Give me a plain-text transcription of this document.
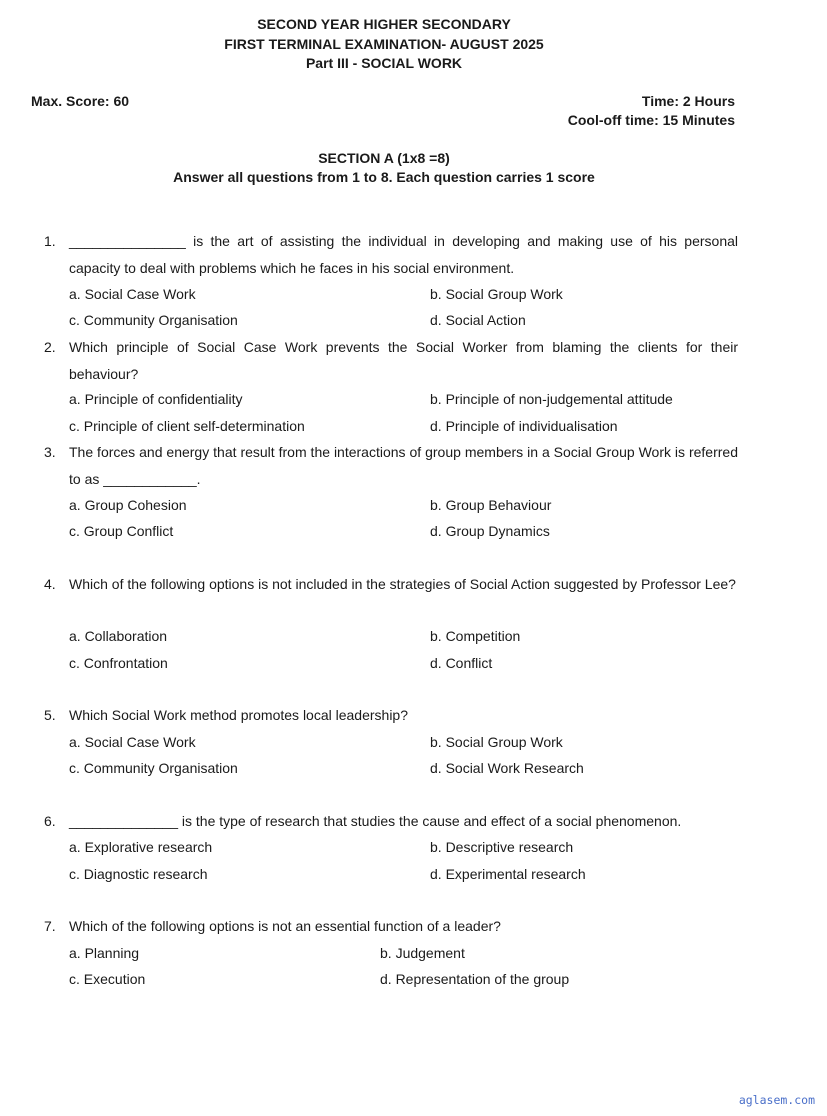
SECOND YEAR HIGHER SECONDARY
FIRST TERMINAL EXAMINATION- AUGUST 2025
Part III - SOCIAL WORK
Max. Score: 60	Time: 2 Hours
Cool-off time: 15 Minutes
SECTION A (1x8 =8)
Answer all questions from 1 to 8. Each question carries 1 score
1. _______________ is the art of assisting the individual in developing and making use of his personal capacity to deal with problems which he faces in his social environment.
a. Social Case Work	b. Social Group Work
c. Community Organisation	d. Social Action
2. Which principle of Social Case Work prevents the Social Worker from blaming the clients for their behaviour?
a. Principle of confidentiality	b. Principle of non-judgemental attitude
c. Principle of client self-determination	d. Principle of individualisation
3. The forces and energy that result from the interactions of group members in a Social Group Work is referred to as ____________.
a. Group Cohesion	b. Group Behaviour
c. Group Conflict	d. Group Dynamics
4. Which of the following options is not included in the strategies of Social Action suggested by Professor Lee?
a. Collaboration	b. Competition
c. Confrontation	d. Conflict
5. Which Social Work method promotes local leadership?
a. Social Case Work	b. Social Group Work
c. Community Organisation	d. Social Work Research
6. ______________ is the type of research that studies the cause and effect of a social phenomenon.
a. Explorative research	b. Descriptive research
c. Diagnostic research	d. Experimental research
7. Which of the following options is not an essential function of a leader?
a. Planning	b. Judgement
c. Execution	d. Representation of the group
aglasem.com
